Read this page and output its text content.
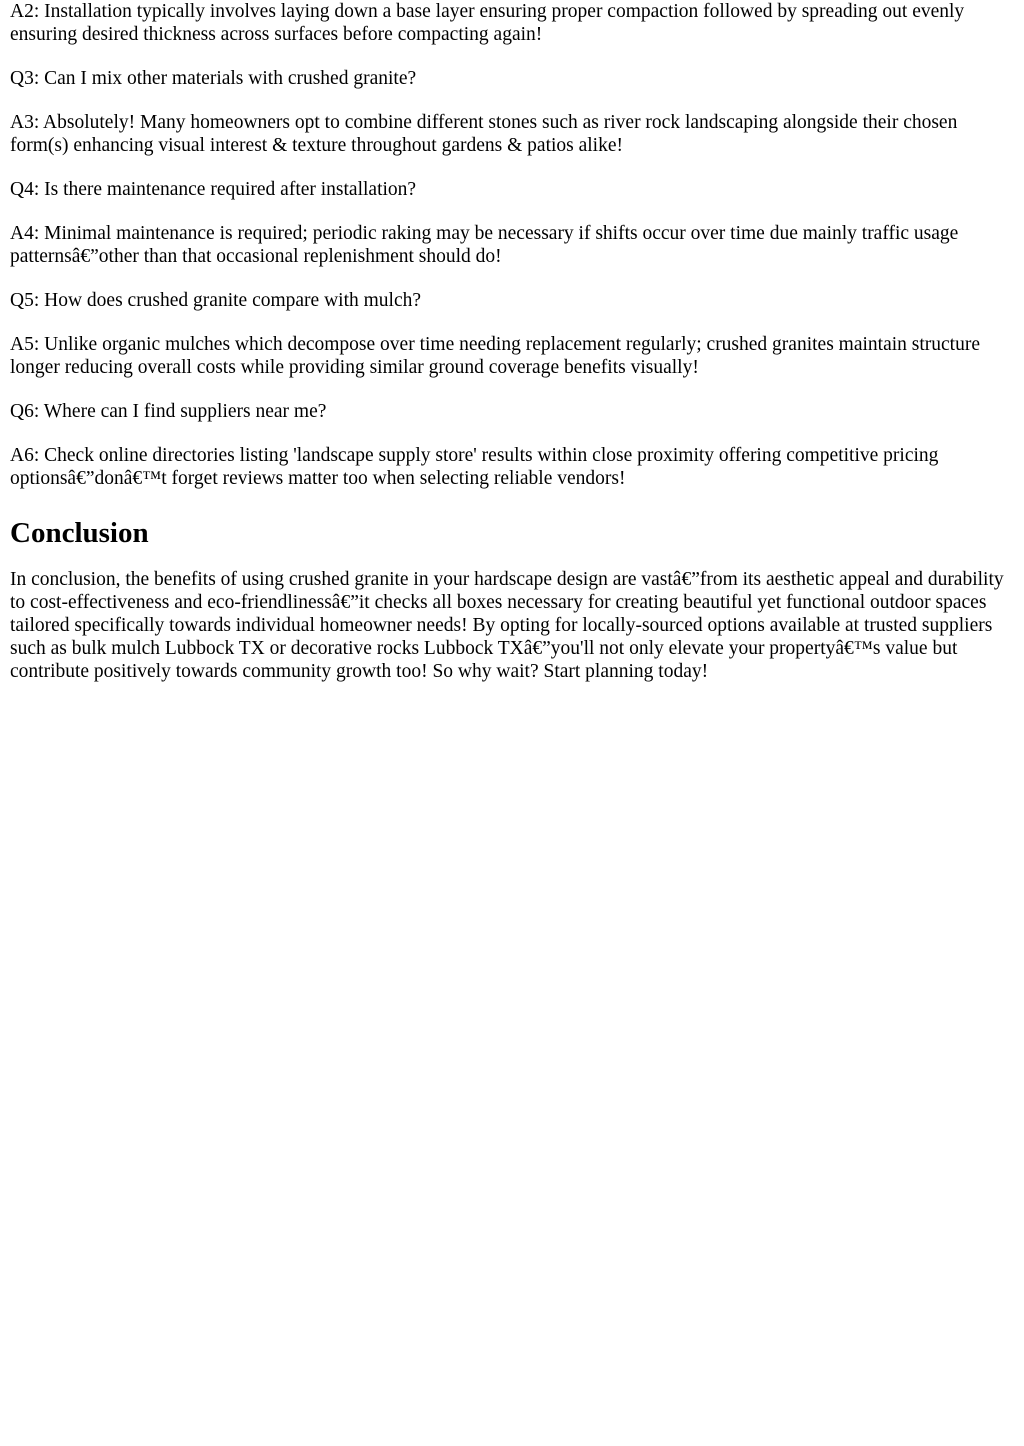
A2: Installation typically involves laying down a base layer ensuring proper compaction followed by spreading out evenly ensuring desired thickness across surfaces before compacting again!

Q3: Can I mix other materials with crushed granite?

A3: Absolutely! Many homeowners opt to combine different stones such as river rock landscaping alongside their chosen form(s) enhancing visual interest & texture throughout gardens & patios alike!

Q4: Is there maintenance required after installation?

A4: Minimal maintenance is required; periodic raking may be necessary if shifts occur over time due mainly traffic usage patternsâ€”other than that occasional replenishment should do!

Q5: How does crushed granite compare with mulch?

A5: Unlike organic mulches which decompose over time needing replacement regularly; crushed granites maintain structure longer reducing overall costs while providing similar ground coverage benefits visually!

Q6: Where can I find suppliers near me?

A6: Check online directories listing 'landscape supply store' results within close proximity offering competitive pricing optionsâ€”donâ€™t forget reviews matter too when selecting reliable vendors!

Conclusion

In conclusion, the benefits of using crushed granite in your hardscape design are vastâ€”from its aesthetic appeal and durability to cost-effectiveness and eco-friendlinessâ€”it checks all boxes necessary for creating beautiful yet functional outdoor spaces tailored specifically towards individual homeowner needs! By opting for locally-sourced options available at trusted suppliers such as bulk mulch Lubbock TX or decorative rocks Lubbock TXâ€”you'll not only elevate your propertyâ€™s value but contribute positively towards community growth too! So why wait? Start planning today!
